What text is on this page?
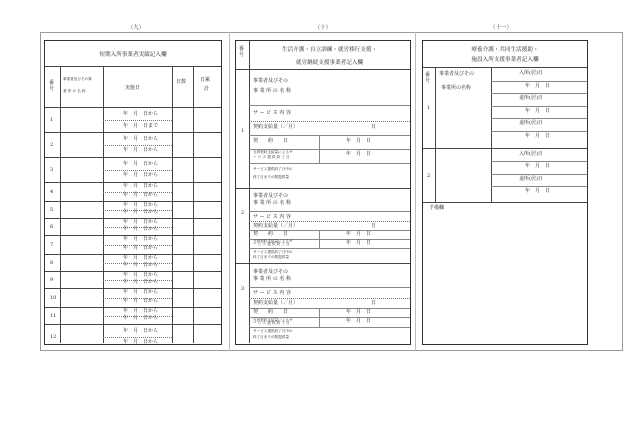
（九）	（十）	（十一）
短期入所事業者実績記入欄
番号
事業者及びその事
業 所 の 名 称	実施日
日数	日累
計
1
年　月　日から
年　月　日まで
2
年　月　日から
年　月　日から
3
年　月　日から
年　月　日から
4
年　月　日から
年　月　日から
5
年　月　日から
年　月　日から
6
年　月　日から
年　月　日から
7
年　月　日から
年　月　日から
8
年　月　日から
年　月　日から
9
年　月　日から
年　月　日から
10
年　月　日から
年　月　日から
11
年　月　日から
年　月　日から
12
年　月　日から
年　月　日から
番号
生活介護・自立訓練・就労移行支援・
就労継続支援事業者記入欄
1
事業者及びその
事 業 所 の 名 称
サ ー ビ ス 内 容
契約支給量（／月）	日
契　　約　　日	年　月　日
当該契約支給量によるサ
ー ビ ス 提 供 終 了 日	年　月　日
サービス提供終了月中の
終了日までの既提供量
2
事業者及びその
事 業 所 の 名 称
サ ー ビ ス 内 容
契約支給量（／月）	日
契　　約　　日	年　月　日
当該契約支給量によるサ
ー ビ ス 提 供 終 了 日	年　月　日
サービス提供終了月中の
終了日までの既提供量
3
事業者及びその
事 業 所 の 名 称
サ ー ビ ス 内 容
契約支給量（／月）	日
契　　約　　日	年　月　日
当該契約支給量によるサ
ー ビ ス 提 供 終 了 日	年　月　日
サービス提供終了月中の
終了日までの既提供量
療養介護・共同生活援助・
施設入所支援事業者記入欄
番号
事業者及びその
事業所の名称
1
入所(居)日
年　月　日
退所(居)日
年　月　日
退所(居)日
年　月　日
2
入所(居)日
年　月　日
退所(居)日
年　月　日
予備欄
